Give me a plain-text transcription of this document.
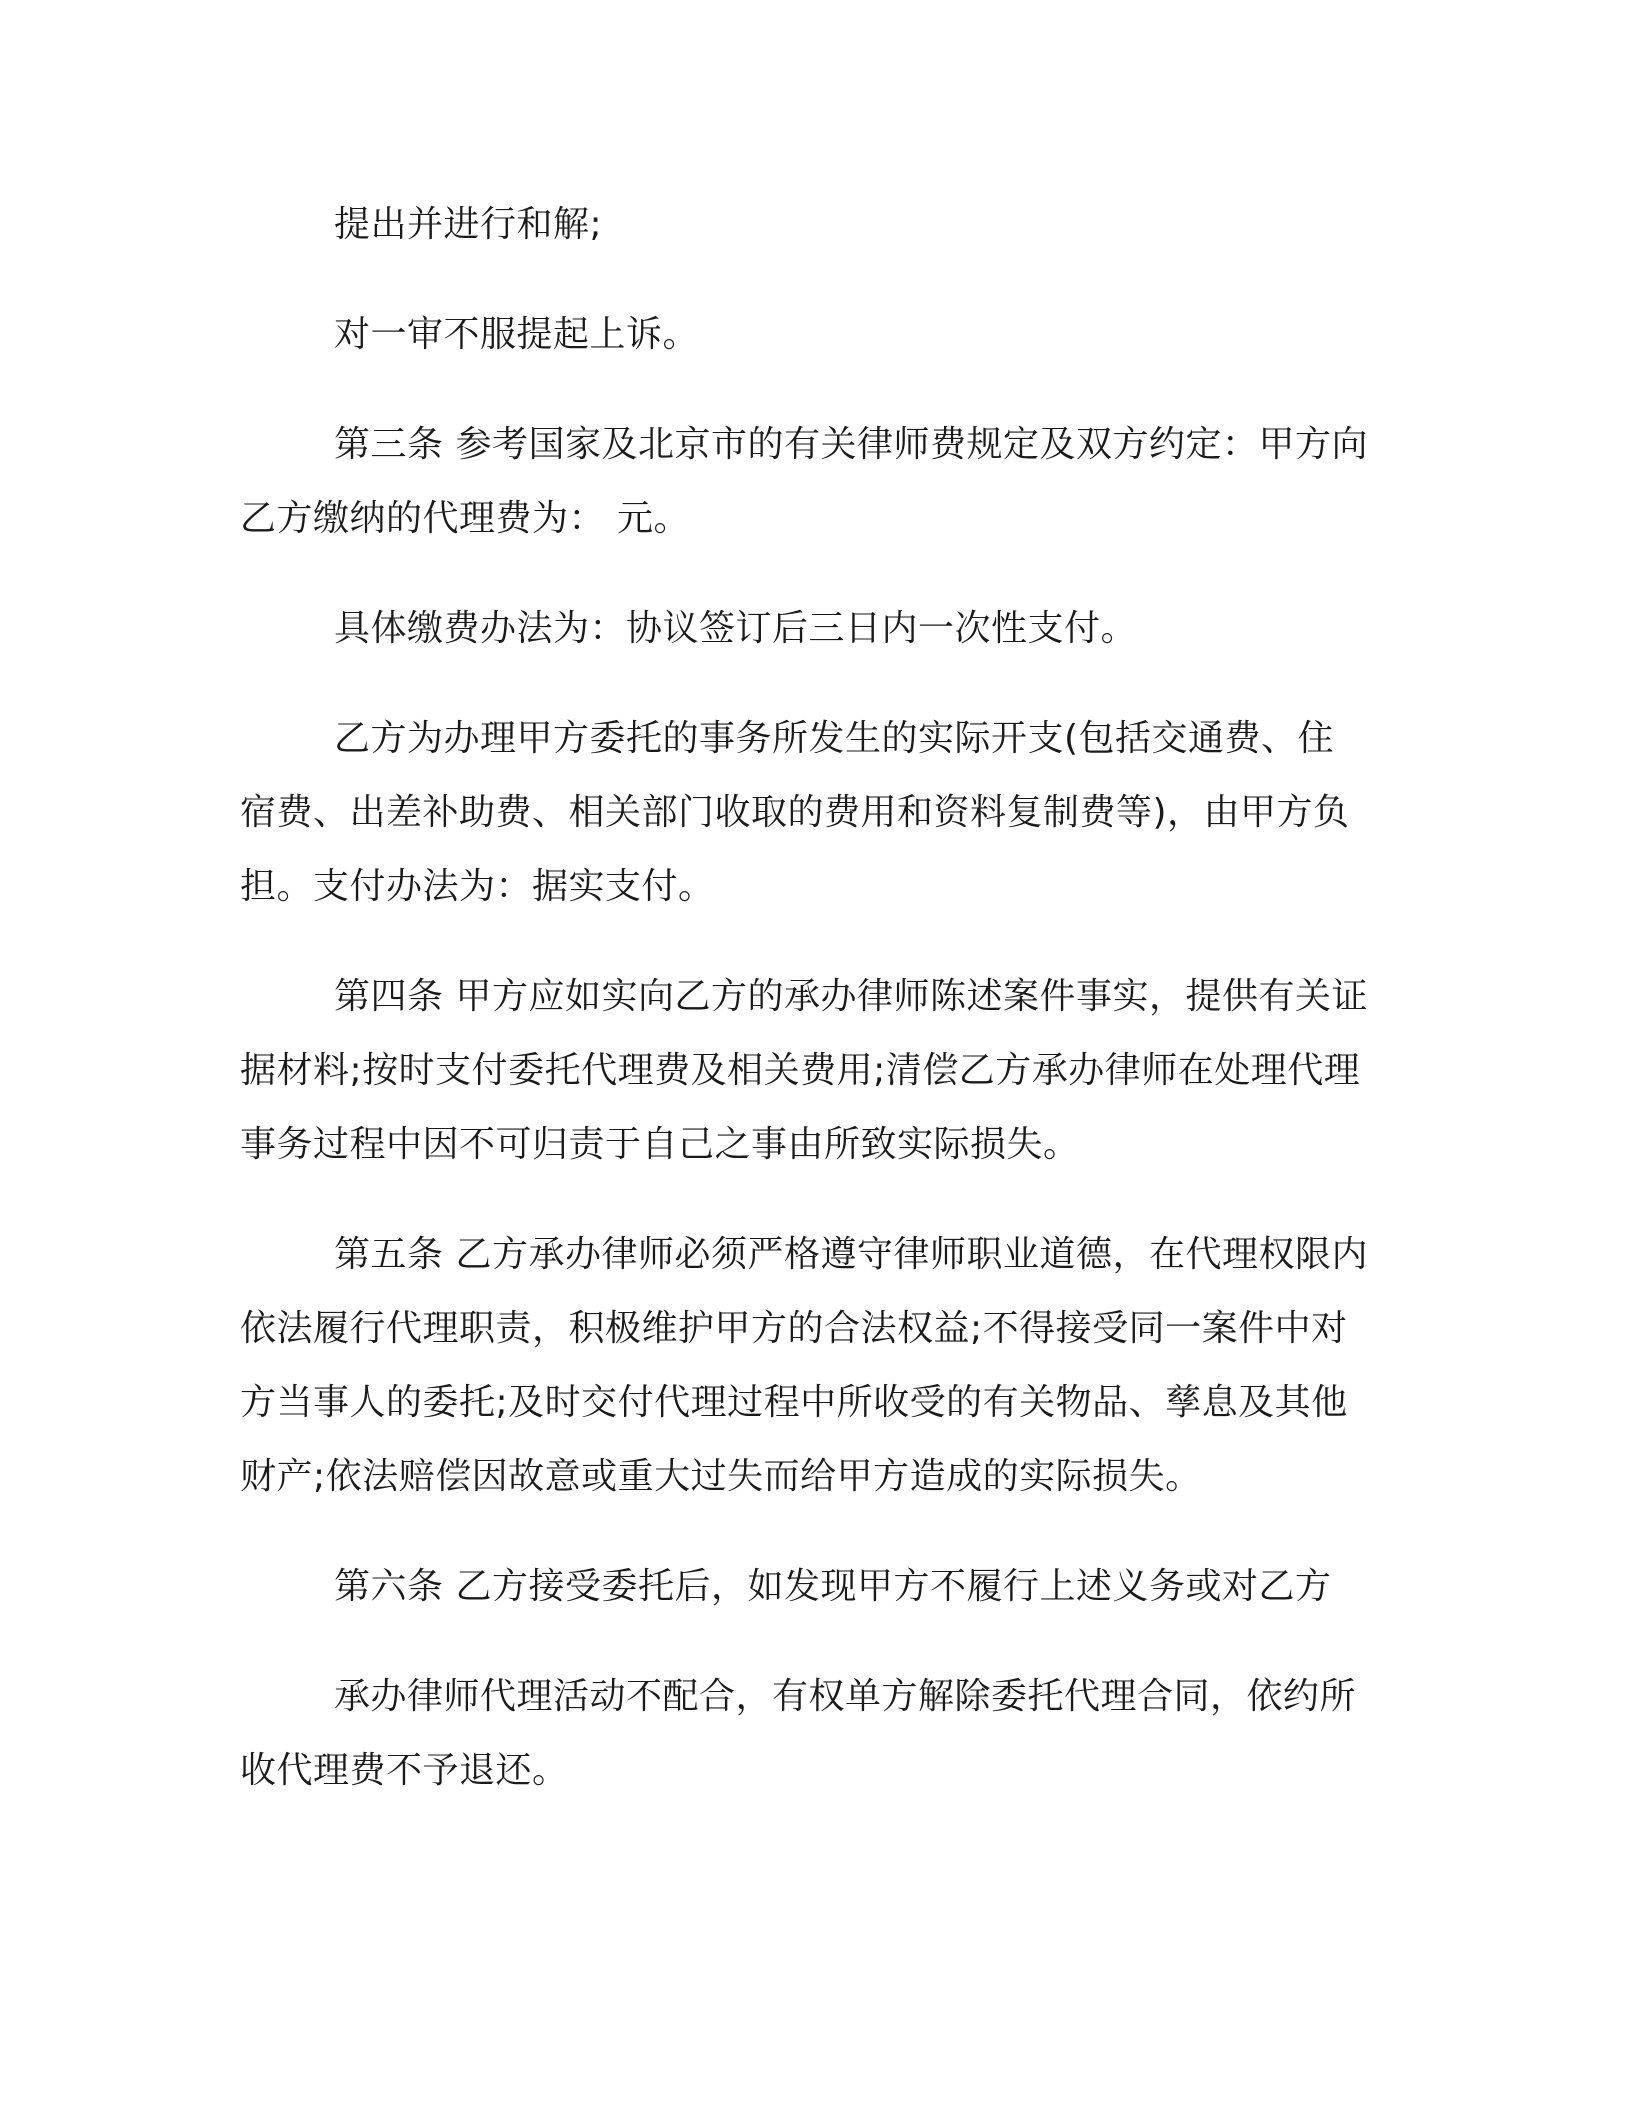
提出并进行和解;

对一审不服提起上诉。

第三条 参考国家及北京市的有关律师费规定及双方约定：甲方向
乙方缴纳的代理费为： 元。

具体缴费办法为：协议签订后三日内一次性支付。

乙方为办理甲方委托的事务所发生的实际开支(包括交通费、住
宿费、出差补助费、相关部门收取的费用和资料复制费等)，由甲方负
担。支付办法为：据实支付。

第四条 甲方应如实向乙方的承办律师陈述案件事实，提供有关证
据材料;按时支付委托代理费及相关费用;清偿乙方承办律师在处理代理
事务过程中因不可归责于自己之事由所致实际损失。

第五条 乙方承办律师必须严格遵守律师职业道德，在代理权限内
依法履行代理职责，积极维护甲方的合法权益;不得接受同一案件中对
方当事人的委托;及时交付代理过程中所收受的有关物品、孳息及其他
财产;依法赔偿因故意或重大过失而给甲方造成的实际损失。

第六条 乙方接受委托后，如发现甲方不履行上述义务或对乙方

承办律师代理活动不配合，有权单方解除委托代理合同，依约所
收代理费不予退还。
